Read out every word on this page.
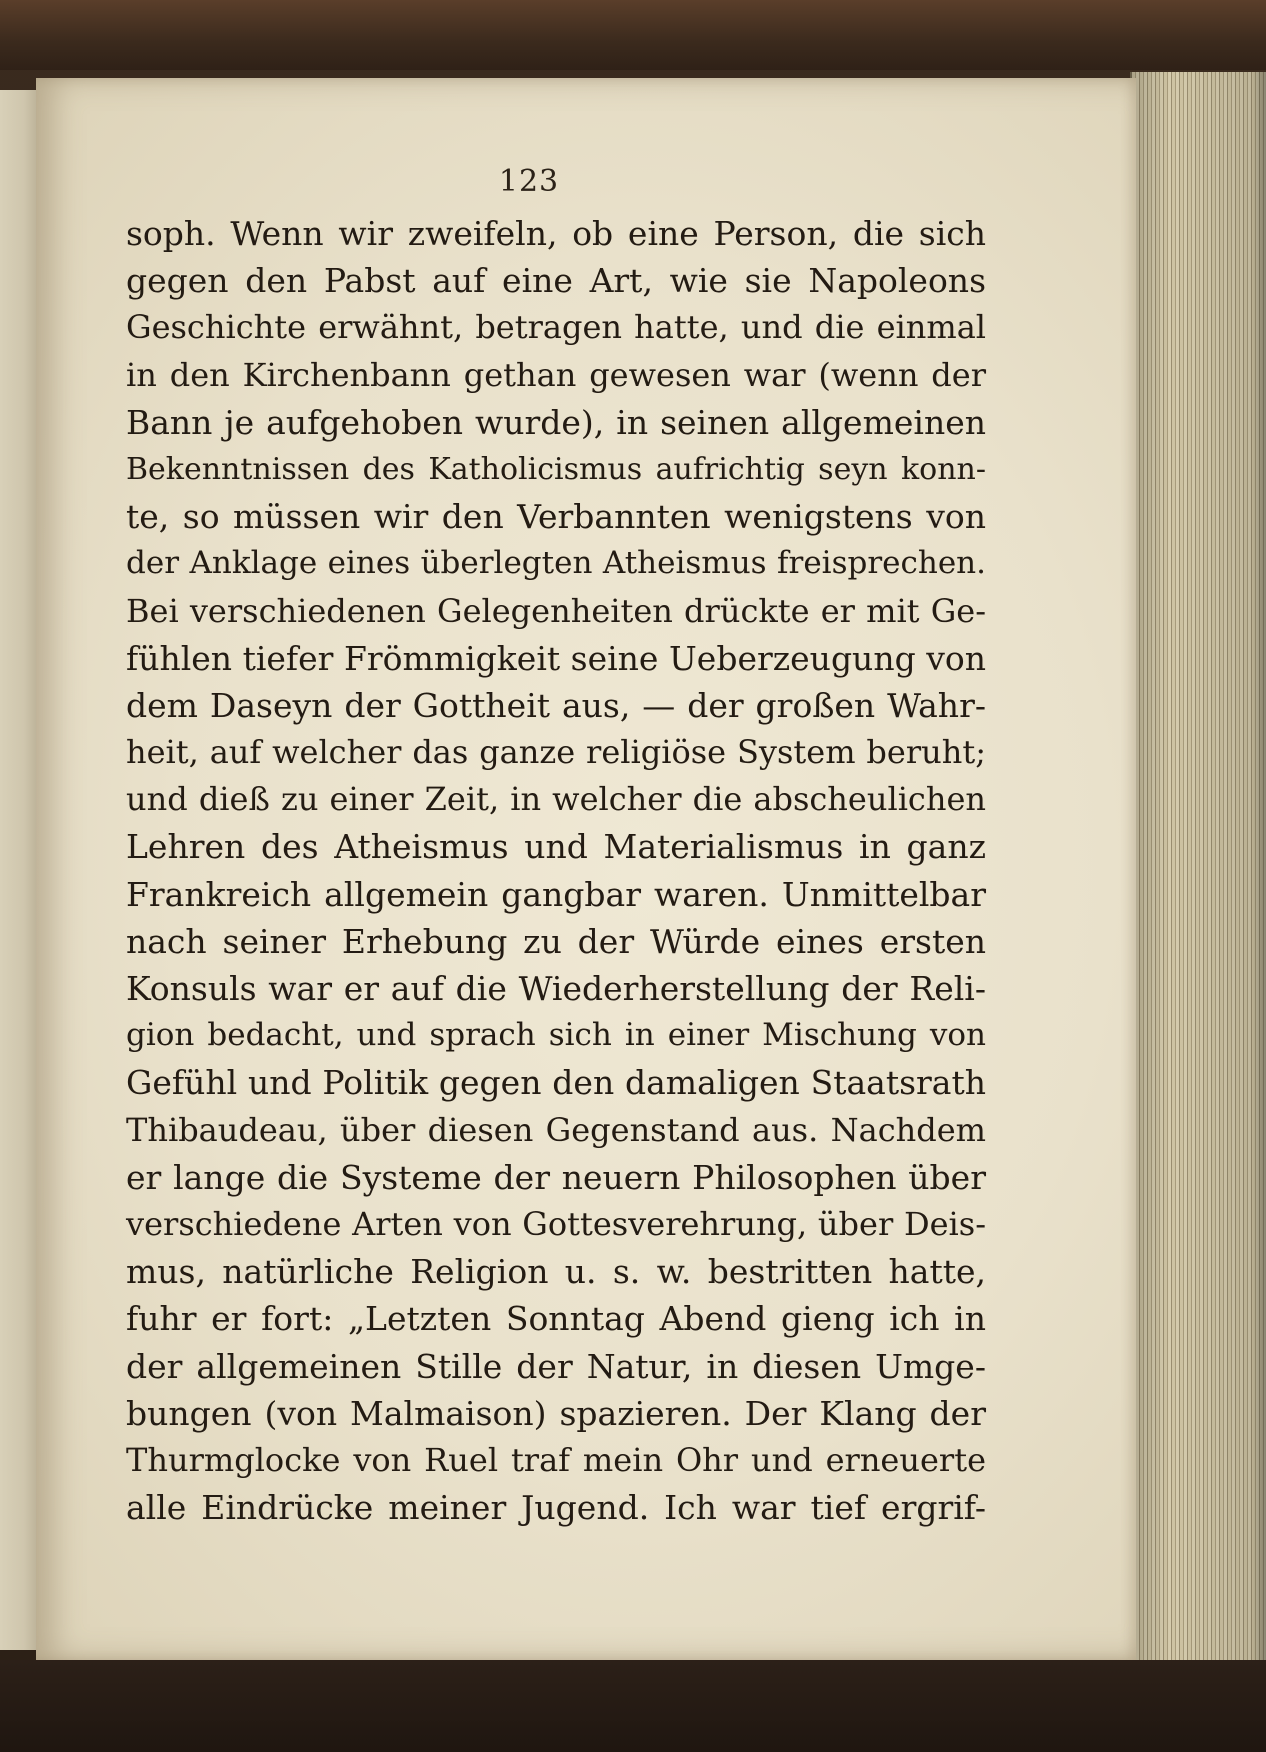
123
soph. Wenn wir zweifeln, ob eine Person, die sich
gegen den Pabst auf eine Art, wie sie Napoleons
Geschichte erwähnt, betragen hatte, und die einmal
in den Kirchenbann gethan gewesen war (wenn der
Bann je aufgehoben wurde), in seinen allgemeinen
Bekenntnissen des Katholicismus aufrichtig seyn konn-
te, so müssen wir den Verbannten wenigstens von
der Anklage eines überlegten Atheismus freisprechen.
Bei verschiedenen Gelegenheiten drückte er mit Ge-
fühlen tiefer Frömmigkeit seine Ueberzeugung von
dem Daseyn der Gottheit aus, — der großen Wahr-
heit, auf welcher das ganze religiöse System beruht;
und dieß zu einer Zeit, in welcher die abscheulichen
Lehren des Atheismus und Materialismus in ganz
Frankreich allgemein gangbar waren. Unmittelbar
nach seiner Erhebung zu der Würde eines ersten
Konsuls war er auf die Wiederherstellung der Reli-
gion bedacht, und sprach sich in einer Mischung von
Gefühl und Politik gegen den damaligen Staatsrath
Thibaudeau, über diesen Gegenstand aus. Nachdem
er lange die Systeme der neuern Philosophen über
verschiedene Arten von Gottesverehrung, über Deis-
mus, natürliche Religion u. s. w. bestritten hatte,
fuhr er fort: „Letzten Sonntag Abend gieng ich in
der allgemeinen Stille der Natur, in diesen Umge-
bungen (von Malmaison) spazieren. Der Klang der
Thurmglocke von Ruel traf mein Ohr und erneuerte
alle Eindrücke meiner Jugend. Ich war tief ergrif-
